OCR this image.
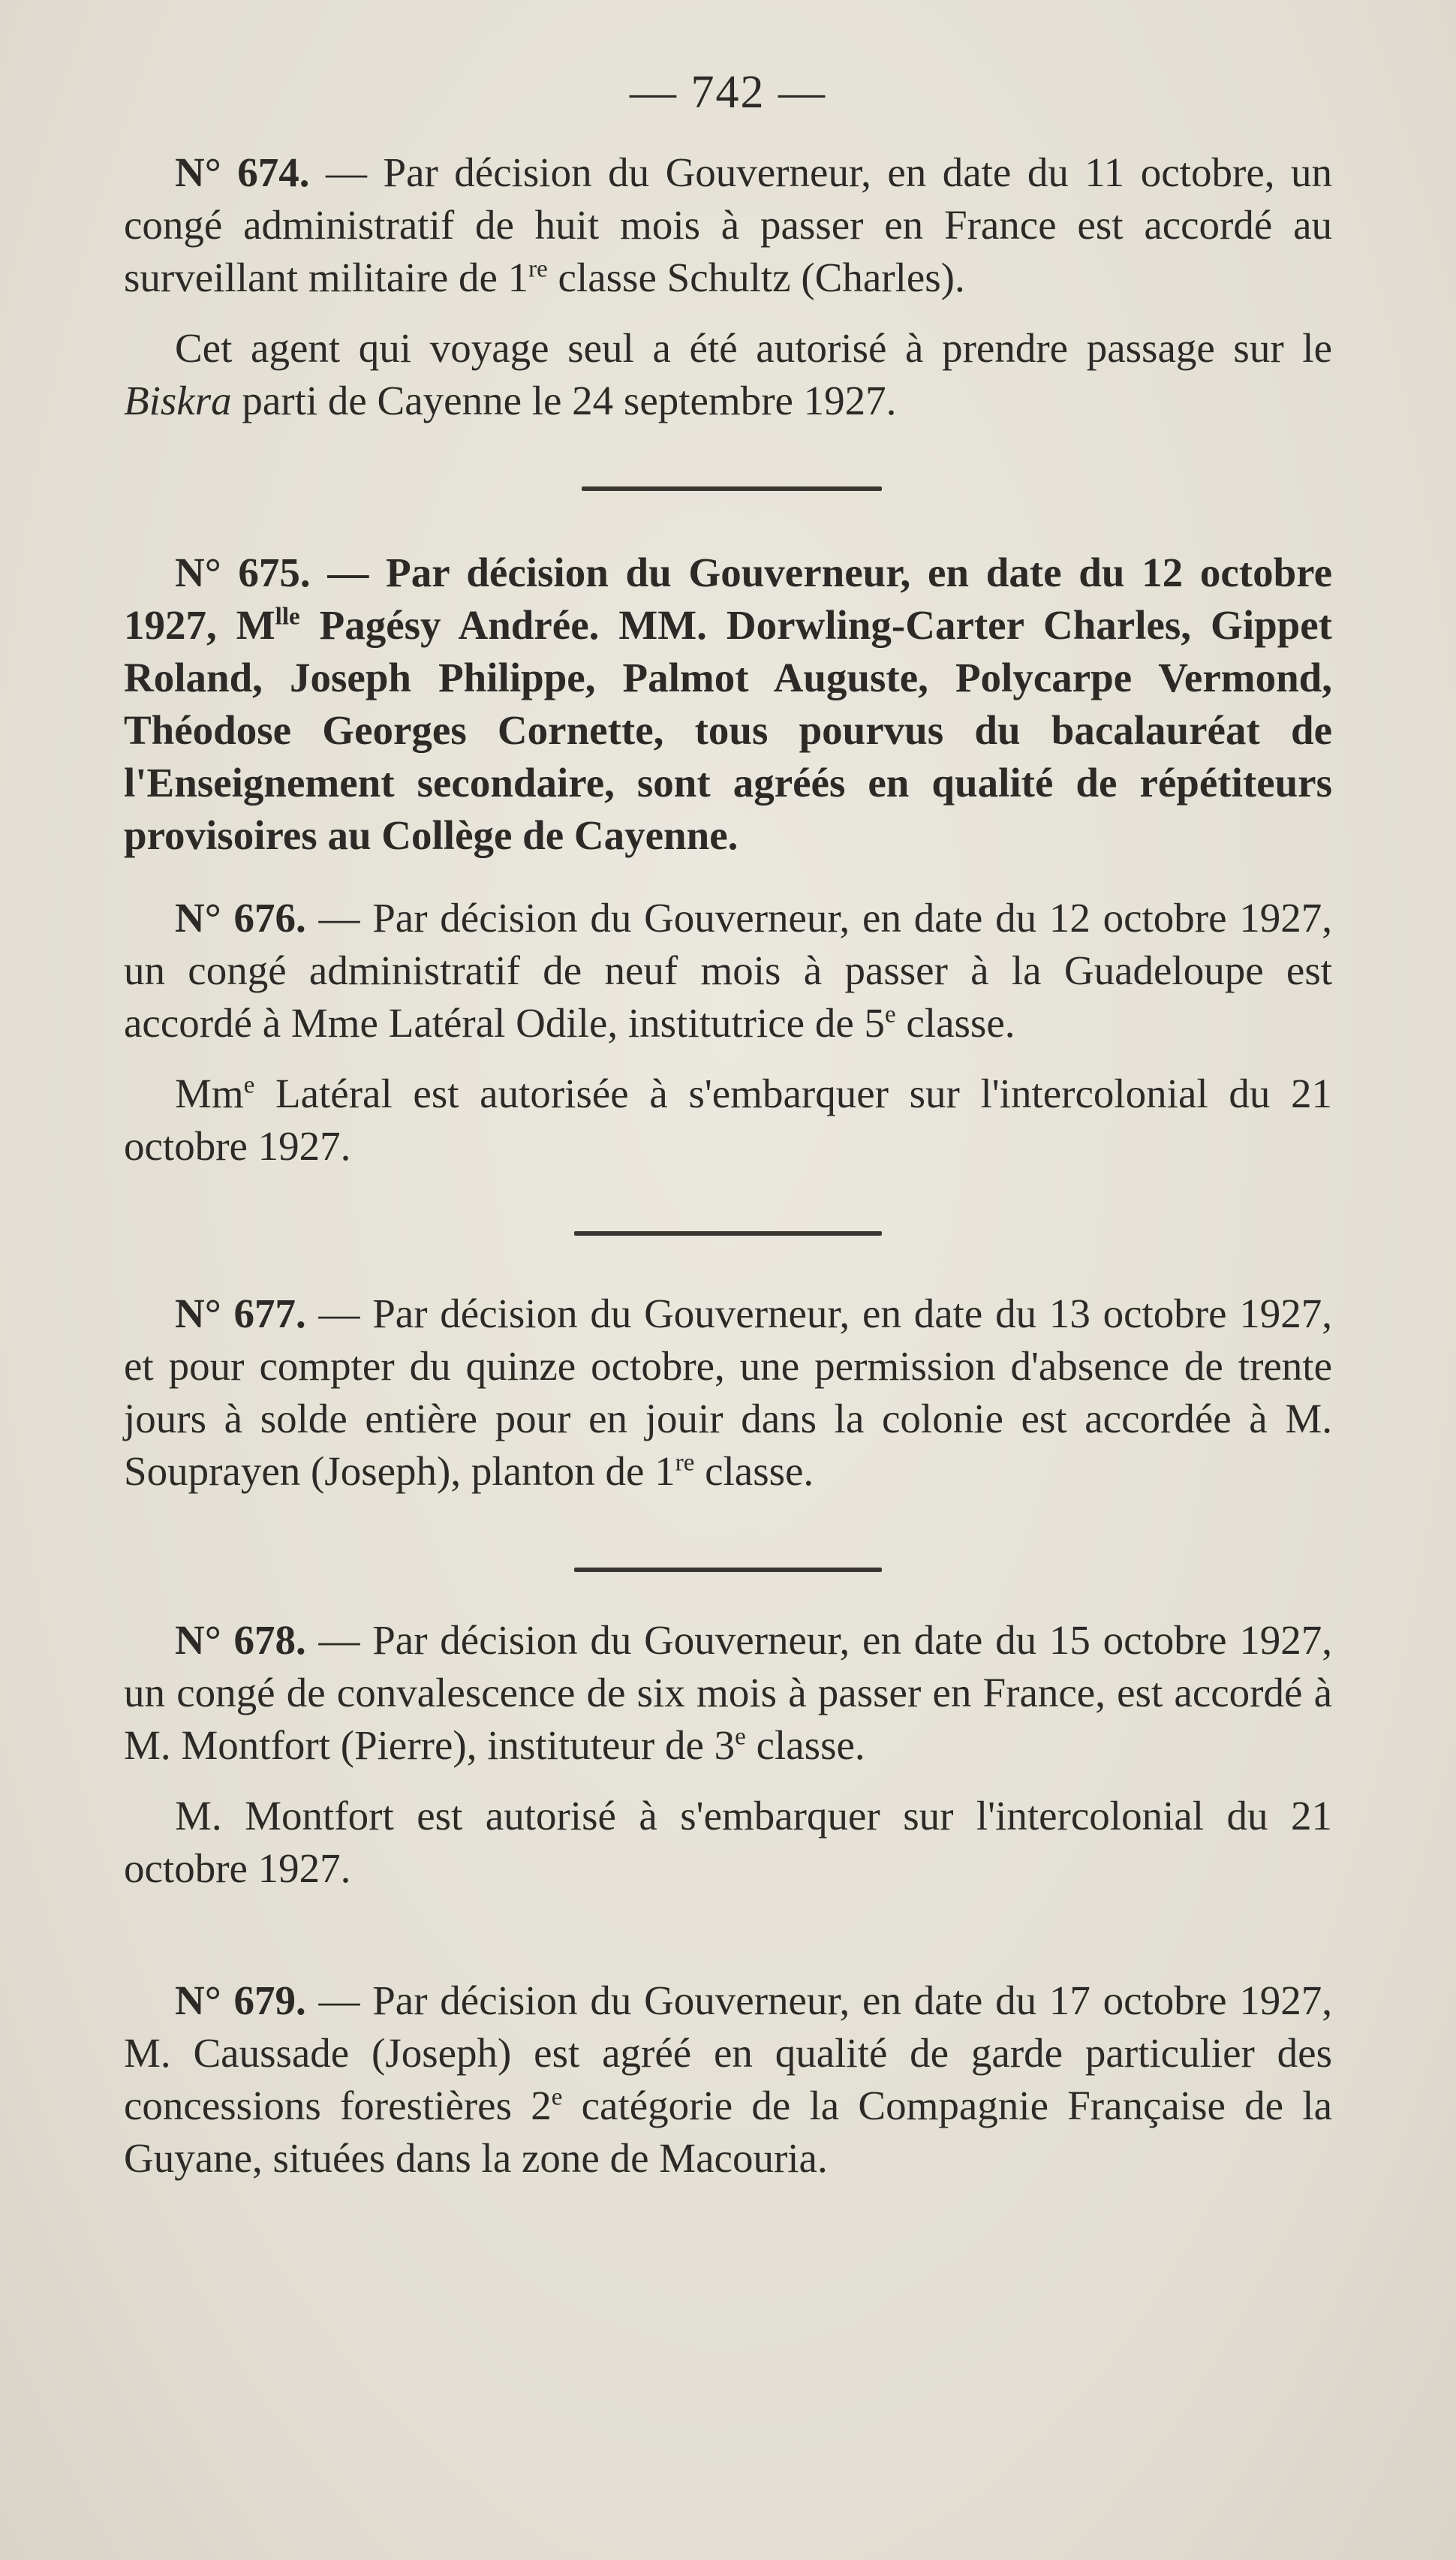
— 742 —

N° 674. — Par décision du Gouverneur, en date du 11 octobre, un congé administratif de huit mois à passer en France est accordé au surveillant militaire de 1re classe Schultz (Charles).

Cet agent qui voyage seul a été autorisé à prendre passage sur le Biskra parti de Cayenne le 24 septembre 1927.

N° 675. — Par décision du Gouverneur, en date du 12 octobre 1927, $M^{lle}$ Pagésy Andrée. MM. Dorwling-Carter Charles, Gippet Roland, Joseph Philippe, Palmot Auguste, Polycarpe Vermond, Théodose Georges Cornette, tous pourvus du bacalauréat de l'Enseignement secondaire, sont agréés en qualité de répétiteurs provisoires au Collège de Cayenne.

N° 676. — Par décision du Gouverneur, en date du 12 octobre 1927, un congé administratif de neuf mois à passer à la Guadeloupe est accordé à Mme Latéral Odile, institutrice de 5e classe.

Mm$^e$ Latéral est autorisée à s'embarquer sur l'intercolonial du 21 octobre 1927.

N° 677. — Par décision du Gouverneur, en date du 13 octobre 1927, et pour compter du quinze octobre, une permission d'absence de trente jours à solde entière pour en jouir dans la colonie est accordée à M. Souprayen (Joseph), planton de 1re classe.

N° 678. — Par décision du Gouverneur, en date du 15 octobre 1927, un congé de convalescence de six mois à passer en France, est accordé à M. Montfort (Pierre), instituteur de 3e classe.

M. Montfort est autorisé à s'embarquer sur l'intercolonial du 21 octobre 1927.

N° 679. — Par décision du Gouverneur, en date du 17 octobre 1927, M. Caussade (Joseph) est agréé en qualité de garde particulier des concessions forestières 2e catégorie de la Compagnie Française de la Guyane, situées dans la zone de Macouria.
